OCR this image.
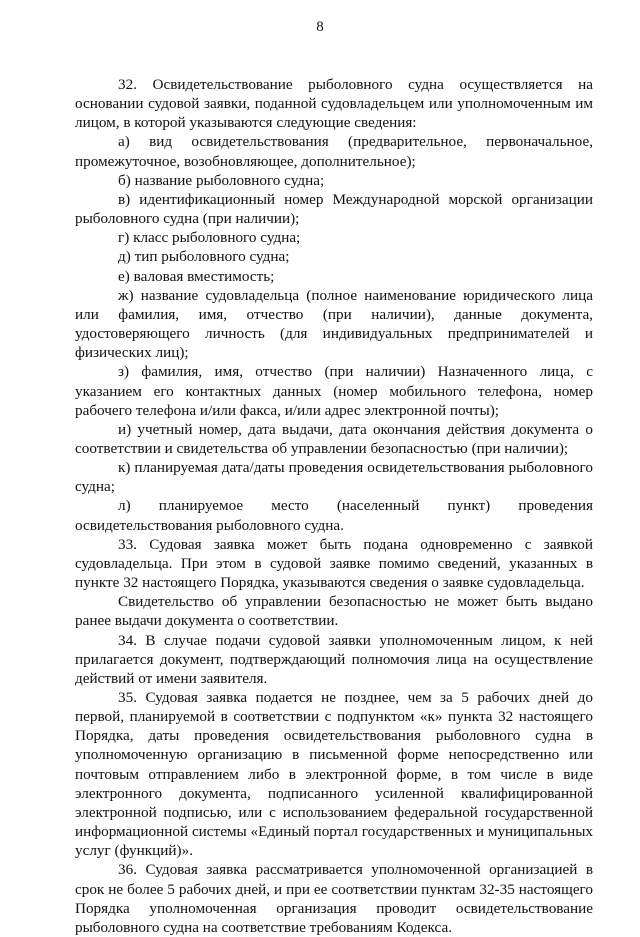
8

32. Освидетельствование рыболовного судна осуществляется на основании судовой заявки, поданной судовладельцем или уполномоченным им лицом, в которой указываются следующие сведения:

а) вид освидетельствования (предварительное, первоначальное, промежуточное, возобновляющее, дополнительное);

б) название рыболовного судна;

в) идентификационный номер Международной морской организации рыболовного судна (при наличии);

г) класс рыболовного судна;

д) тип рыболовного судна;

е) валовая вместимость;

ж) название судовладельца (полное наименование юридического лица или фамилия, имя, отчество (при наличии), данные документа, удостоверяющего личность (для индивидуальных предпринимателей и физических лиц);

з) фамилия, имя, отчество (при наличии) Назначенного лица, с указанием его контактных данных (номер мобильного телефона, номер рабочего телефона и/или факса, и/или адрес электронной почты);

и) учетный номер, дата выдачи, дата окончания действия документа о соответствии и свидетельства об управлении безопасностью (при наличии);

к) планируемая дата/даты проведения освидетельствования рыболовного судна;

л) планируемое место (населенный пункт) проведения освидетельствования рыболовного судна.

33. Судовая заявка может быть подана одновременно с заявкой судовладельца. При этом в судовой заявке помимо сведений, указанных в пункте 32 настоящего Порядка, указываются сведения о заявке судовладельца.

Свидетельство об управлении безопасностью не может быть выдано ранее выдачи документа о соответствии.

34. В случае подачи судовой заявки уполномоченным лицом, к ней прилагается документ, подтверждающий полномочия лица на осуществление действий от имени заявителя.

35. Судовая заявка подается не позднее, чем за 5 рабочих дней до первой, планируемой в соответствии с подпунктом «к» пункта 32 настоящего Порядка, даты проведения освидетельствования рыболовного судна в уполномоченную организацию в письменной форме непосредственно или почтовым отправлением либо в электронной форме, в том числе в виде электронного документа, подписанного усиленной квалифицированной электронной подписью, или с использованием федеральной государственной информационной системы «Единый портал государственных и муниципальных услуг (функций)».

36. Судовая заявка рассматривается уполномоченной организацией в срок не более 5 рабочих дней, и при ее соответствии пунктам 32-35 настоящего Порядка уполномоченная организация проводит освидетельствование рыболовного судна на соответствие требованиям Кодекса.
